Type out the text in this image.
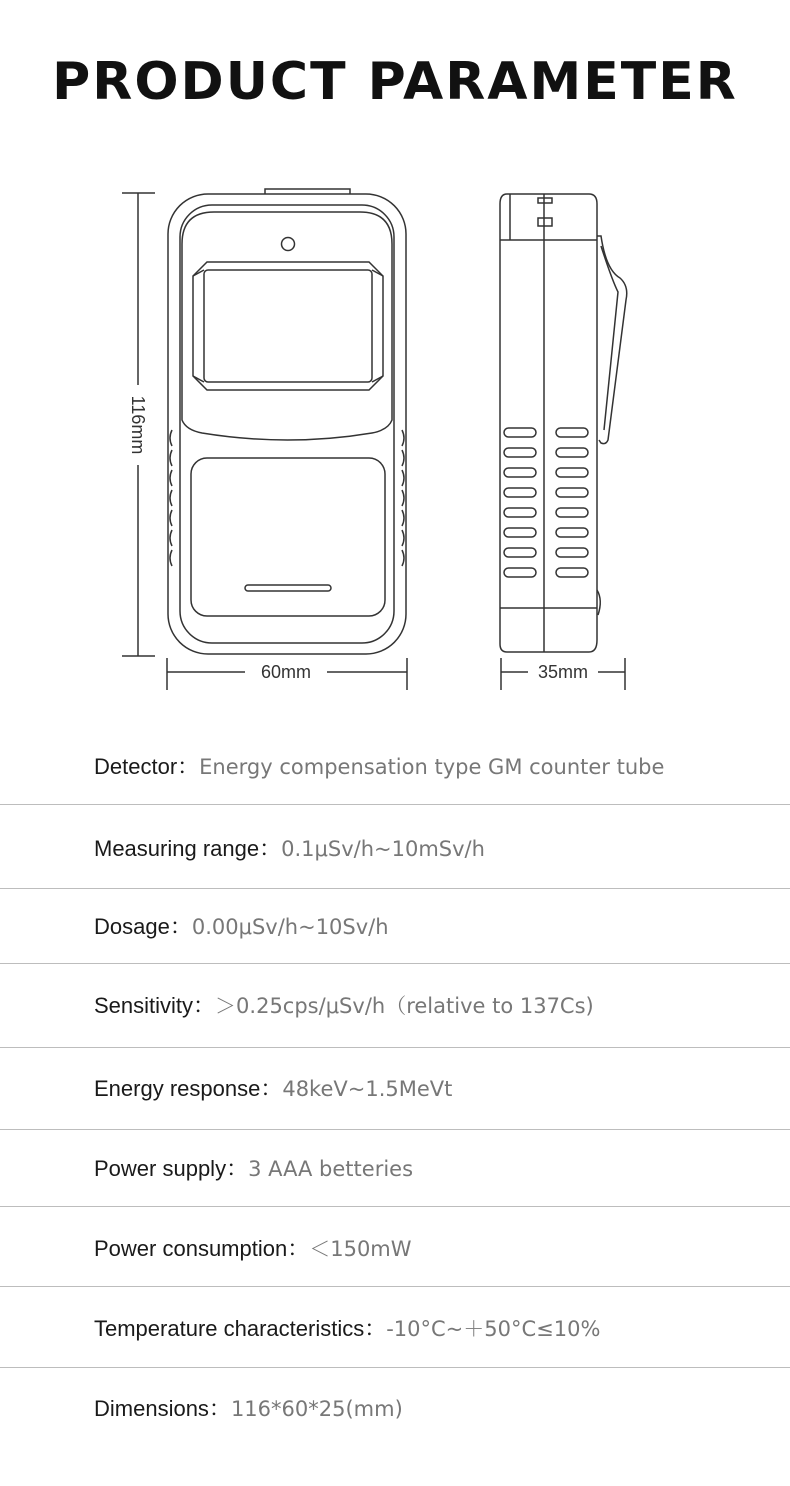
PRODUCT PARAMETER
116mm
60mm	35mm
Detector：Energy compensation type GM counter tube
Measuring range：0.1μSv/h~10mSv/h
Dosage：0.00μSv/h~10Sv/h
Sensitivity：＞0.25cps/μSv/h（relative to 137Cs)
Energy response：48keV~1.5MeVt
Power supply：3 AAA betteries
Power consumption：＜150mW
Temperature characteristics：-10°C~＋50°C≤10%
Dimensions：116*60*25(mm)
